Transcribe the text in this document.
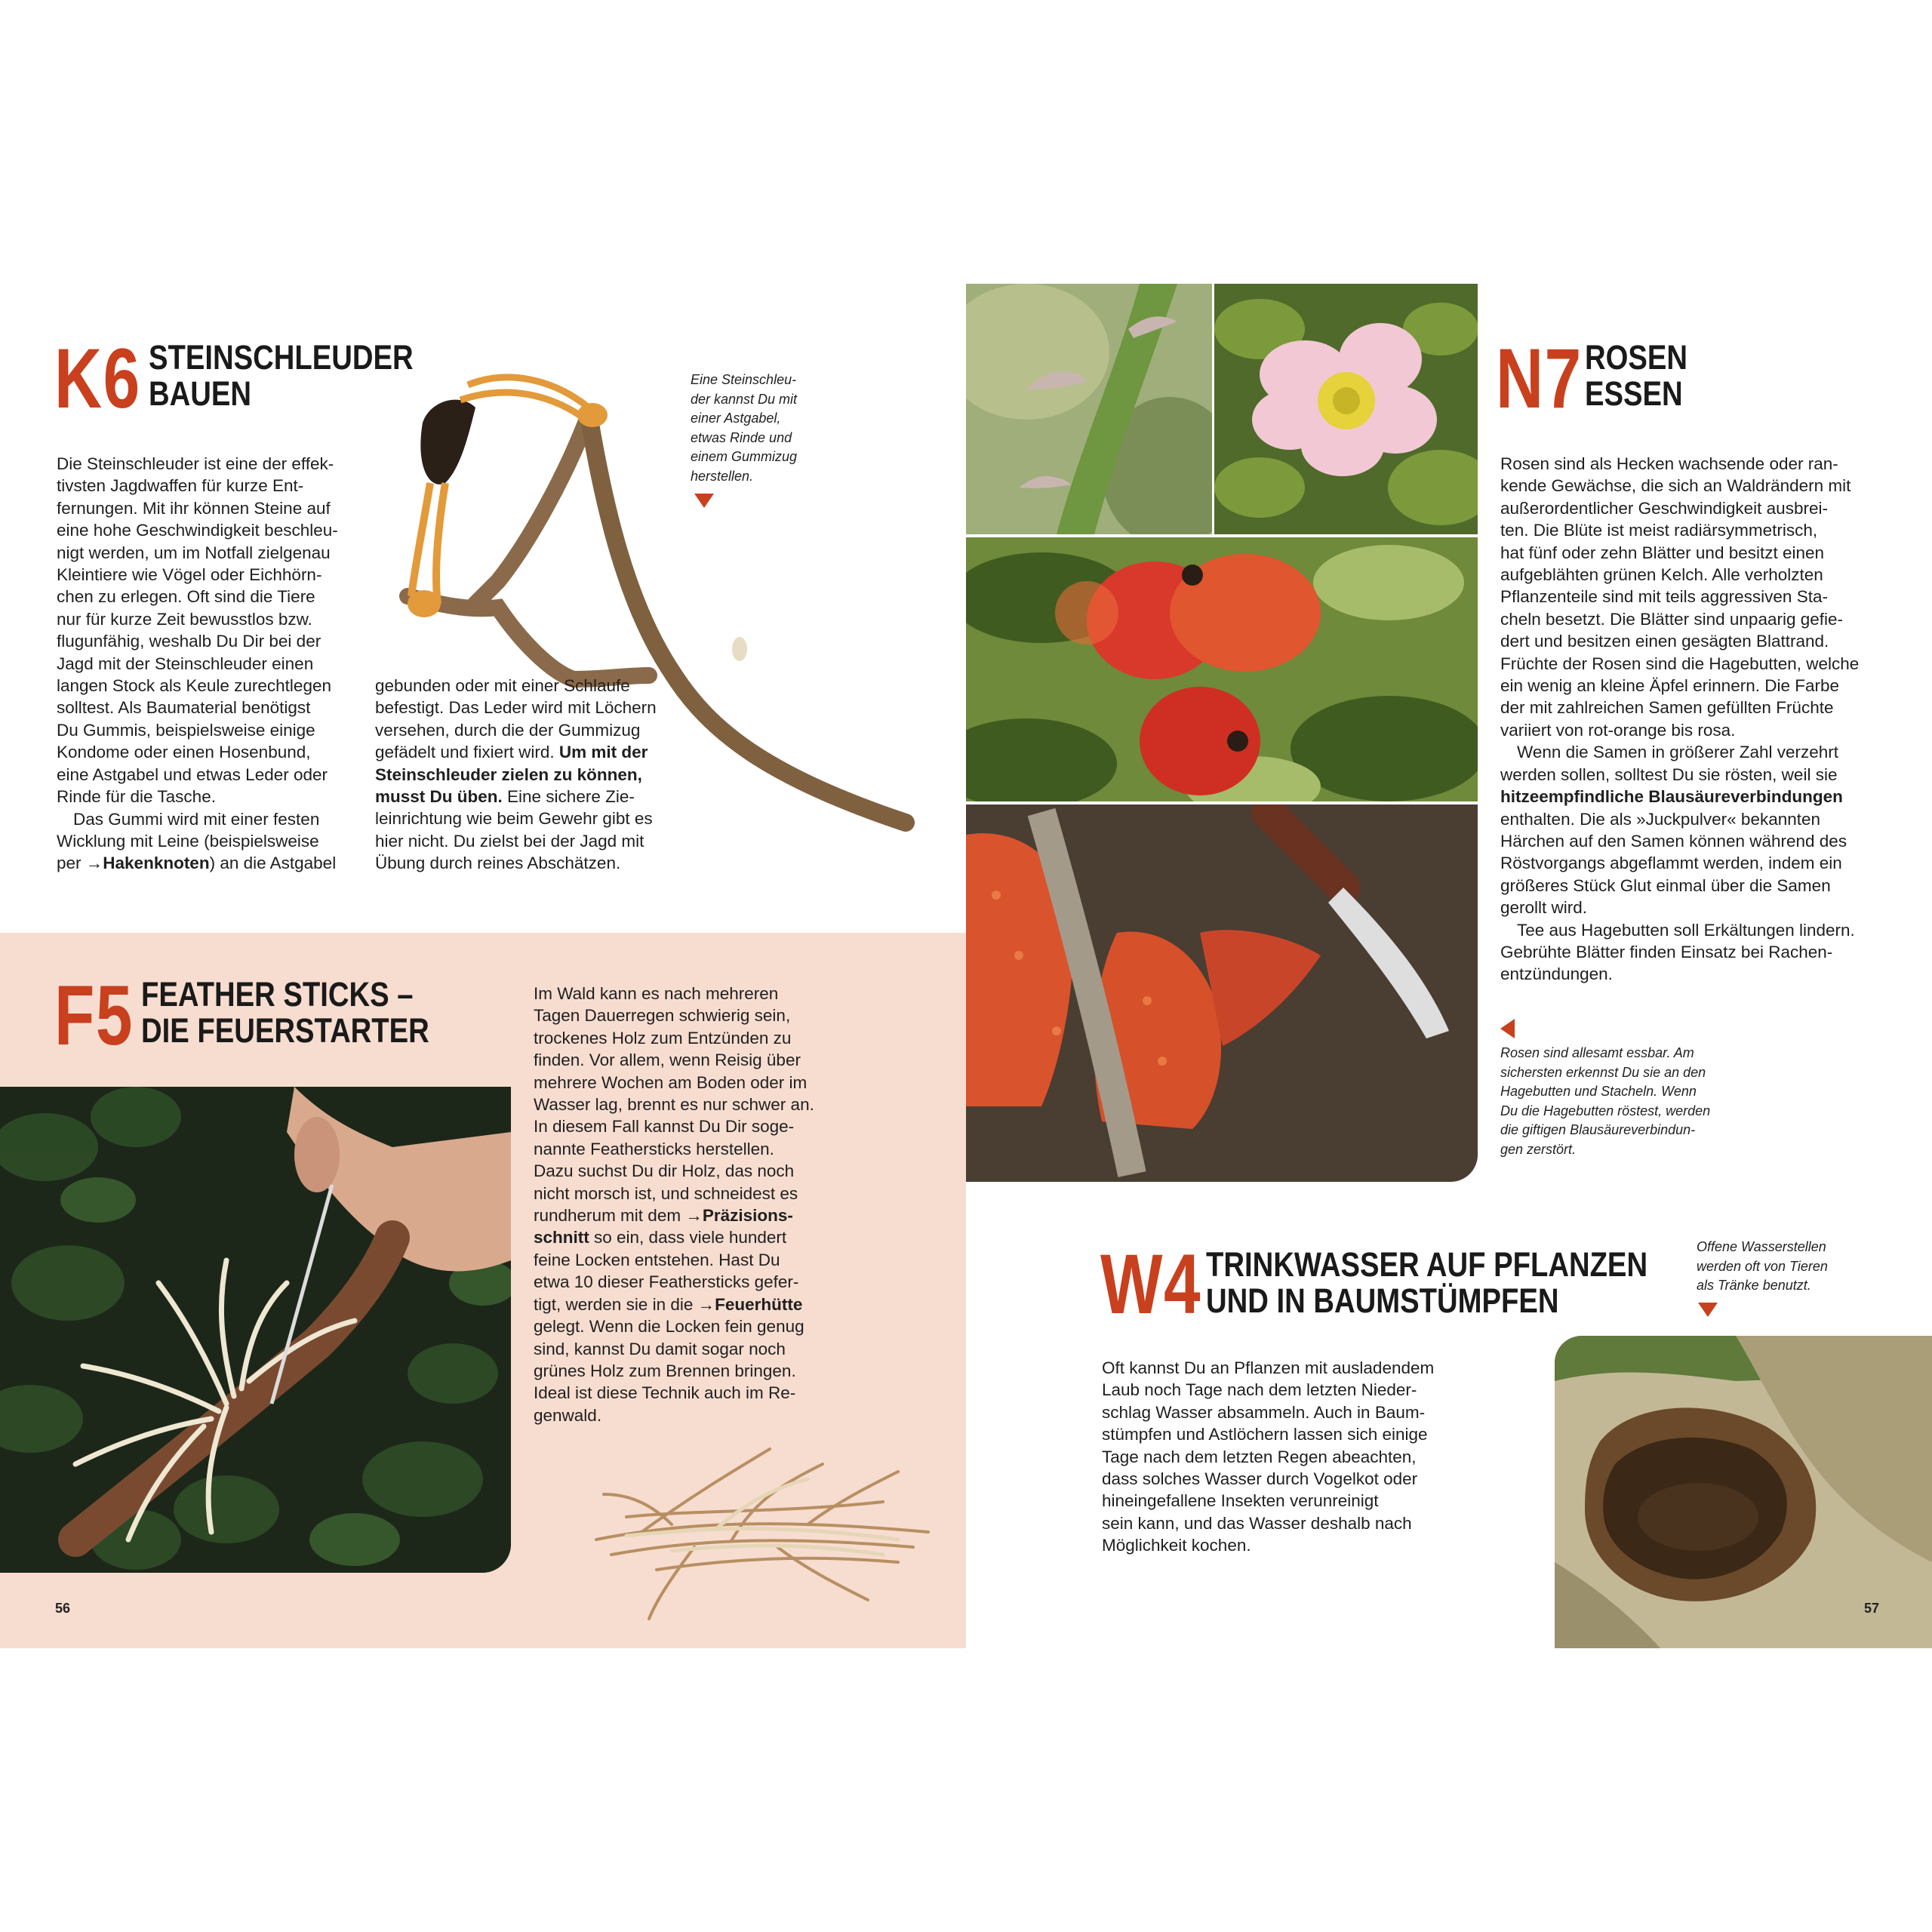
K6 STEINSCHLEUDER
BAUEN	Eine Steinschleu-
der kannst Du mit
einer Astgabel,
etwas Rinde und
einem Gummizug
herstellen.
Die Steinschleuder ist eine der effek-
tivsten Jagdwaffen für kurze Ent-
fernungen. Mit ihr können Steine auf
eine hohe Geschwindigkeit beschleu-
nigt werden, um im Notfall zielgenau
Kleintiere wie Vögel oder Eichhörn-
chen zu erlegen. Oft sind die Tiere
nur für kurze Zeit bewusstlos bzw.
flugunfähig, weshalb Du Dir bei der
Jagd mit der Steinschleuder einen
langen Stock als Keule zurechtlegen
solltest. Als Baumaterial benötigst
Du Gummis, beispielsweise einige
Kondome oder einen Hosenbund,
eine Astgabel und etwas Leder oder
Rinde für die Tasche.
Das Gummi wird mit einer festen
Wicklung mit Leine (beispielsweise
per →Hakenknoten) an die Astgabel
gebunden oder mit einer Schlaufe
befestigt. Das Leder wird mit Löchern
versehen, durch die der Gummizug
gefädelt und fixiert wird. Um mit der
Steinschleuder zielen zu können,
musst Du üben. Eine sichere Zie-
leinrichtung wie beim Gewehr gibt es
hier nicht. Du zielst bei der Jagd mit
Übung durch reines Abschätzen.
F5 FEATHER STICKS –
DIE FEUERSTARTER
Im Wald kann es nach mehreren
Tagen Dauerregen schwierig sein,
trockenes Holz zum Entzünden zu
finden. Vor allem, wenn Reisig über
mehrere Wochen am Boden oder im
Wasser lag, brennt es nur schwer an.
In diesem Fall kannst Du Dir soge-
nannte Feathersticks herstellen.
Dazu suchst Du dir Holz, das noch
nicht morsch ist, und schneidest es
rundherum mit dem →Präzisions-
schnitt so ein, dass viele hundert
feine Locken entstehen. Hast Du
etwa 10 dieser Feathersticks gefer-
tigt, werden sie in die →Feuerhütte
gelegt. Wenn die Locken fein genug
sind, kannst Du damit sogar noch
grünes Holz zum Brennen bringen.
Ideal ist diese Technik auch im Re-
genwald.
56
N7 ROSEN
ESSEN
Rosen sind als Hecken wachsende oder ran-
kende Gewächse, die sich an Waldrändern mit
außerordentlicher Geschwindigkeit ausbrei-
ten. Die Blüte ist meist radiärsymmetrisch,
hat fünf oder zehn Blätter und besitzt einen
aufgeblähten grünen Kelch. Alle verholzten
Pflanzenteile sind mit teils aggressiven Sta-
cheln besetzt. Die Blätter sind unpaarig gefie-
dert und besitzen einen gesägten Blattrand.
Früchte der Rosen sind die Hagebutten, welche
ein wenig an kleine Äpfel erinnern. Die Farbe
der mit zahlreichen Samen gefüllten Früchte
variiert von rot-orange bis rosa.
Wenn die Samen in größerer Zahl verzehrt
werden sollen, solltest Du sie rösten, weil sie
hitzeempfindliche Blausäureverbindungen
enthalten. Die als »Juckpulver« bekannten
Härchen auf den Samen können während des
Röstvorgangs abgeflammt werden, indem ein
größeres Stück Glut einmal über die Samen
gerollt wird.
Tee aus Hagebutten soll Erkältungen lindern.
Gebrühte Blätter finden Einsatz bei Rachen-
entzündungen.
Rosen sind allesamt essbar. Am
sichersten erkennst Du sie an den
Hagebutten und Stacheln. Wenn
Du die Hagebutten röstest, werden
die giftigen Blausäureverbindun-
gen zerstört.
W4 TRINKWASSER AUF PFLANZEN
UND IN BAUMSTÜMPFEN
Offene Wasserstellen
werden oft von Tieren
als Tränke benutzt.
Oft kannst Du an Pflanzen mit ausladendem
Laub noch Tage nach dem letzten Nieder-
schlag Wasser absammeln. Auch in Baum-
stümpfen und Astlöchern lassen sich einige
Tage nach dem letzten Regen abeachten,
dass solches Wasser durch Vogelkot oder
hineingefallene Insekten verunreinigt
sein kann, und das Wasser deshalb nach
Möglichkeit kochen.
57
